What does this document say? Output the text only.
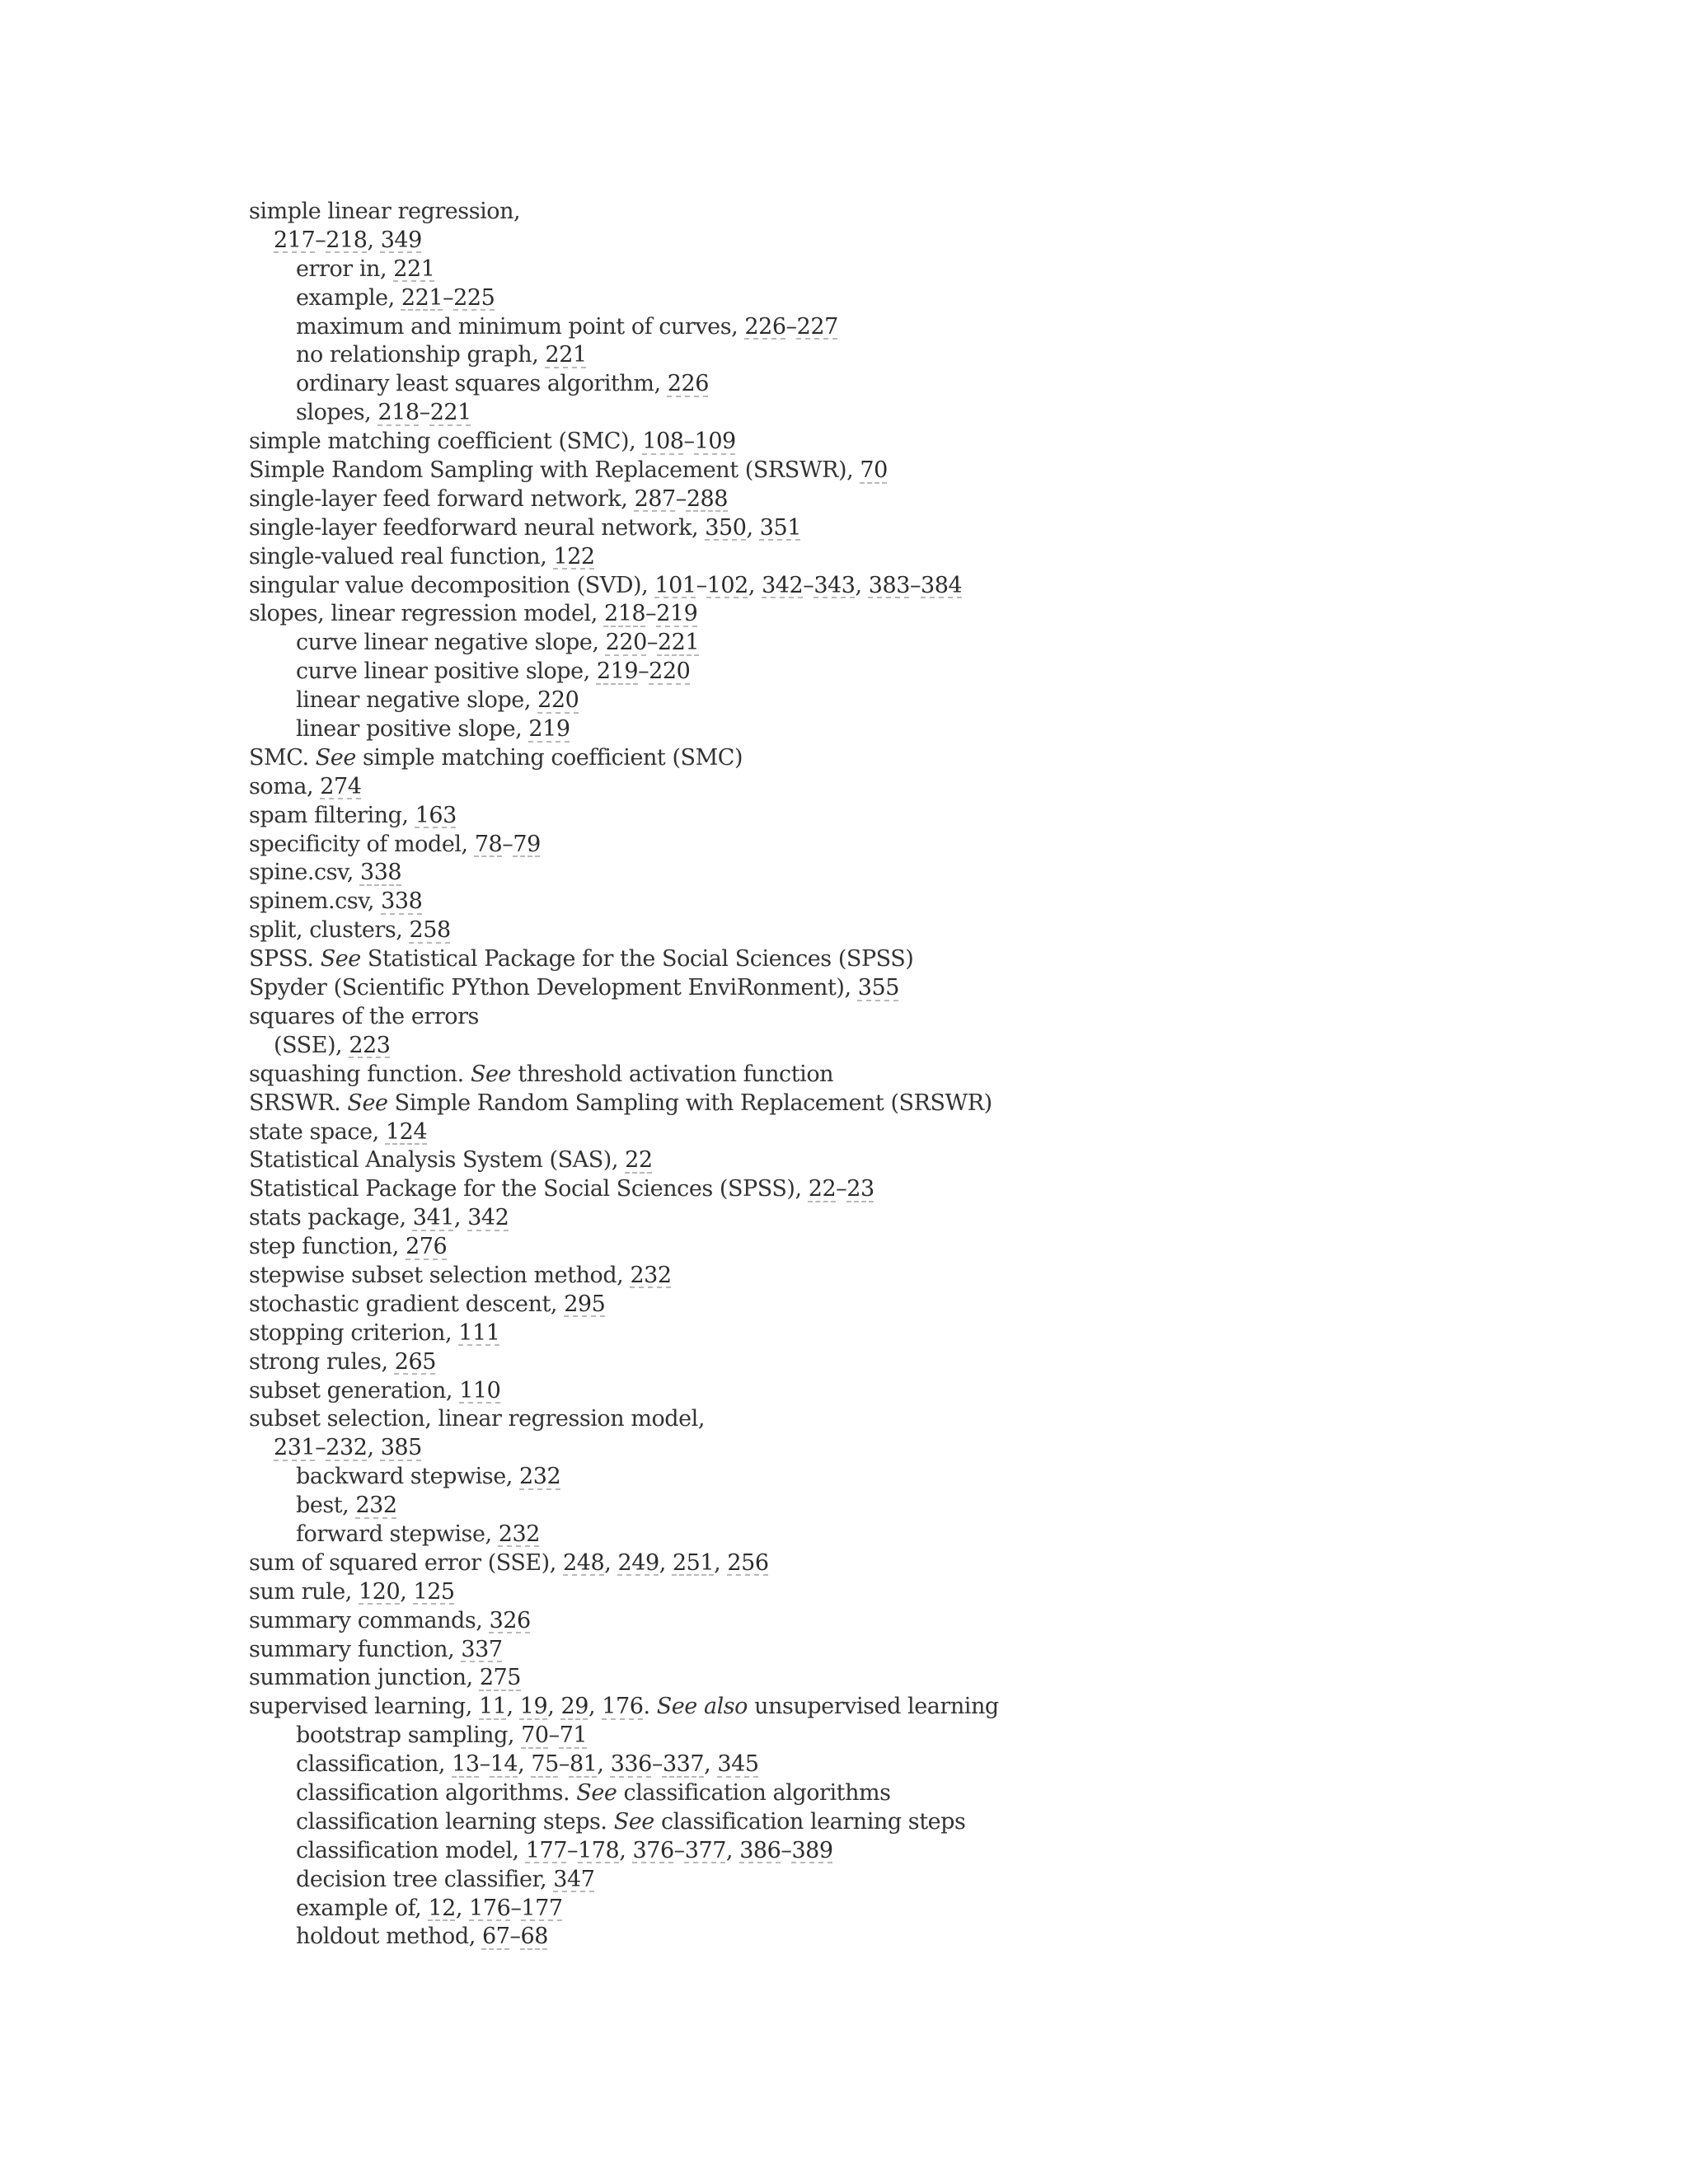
simple linear regression,
217–218, 349
error in, 221
example, 221–225
maximum and minimum point of curves, 226–227
no relationship graph, 221
ordinary least squares algorithm, 226
slopes, 218–221
simple matching coefficient (SMC), 108–109
Simple Random Sampling with Replacement (SRSWR), 70
single-layer feed forward network, 287–288
single-layer feedforward neural network, 350, 351
single-valued real function, 122
singular value decomposition (SVD), 101–102, 342–343, 383–384
slopes, linear regression model, 218–219
curve linear negative slope, 220–221
curve linear positive slope, 219–220
linear negative slope, 220
linear positive slope, 219
SMC. See simple matching coefficient (SMC)
soma, 274
spam filtering, 163
specificity of model, 78–79
spine.csv, 338
spinem.csv, 338
split, clusters, 258
SPSS. See Statistical Package for the Social Sciences (SPSS)
Spyder (Scientific PYthon Development EnviRonment), 355
squares of the errors
(SSE), 223
squashing function. See threshold activation function
SRSWR. See Simple Random Sampling with Replacement (SRSWR)
state space, 124
Statistical Analysis System (SAS), 22
Statistical Package for the Social Sciences (SPSS), 22–23
stats package, 341, 342
step function, 276
stepwise subset selection method, 232
stochastic gradient descent, 295
stopping criterion, 111
strong rules, 265
subset generation, 110
subset selection, linear regression model,
231–232, 385
backward stepwise, 232
best, 232
forward stepwise, 232
sum of squared error (SSE), 248, 249, 251, 256
sum rule, 120, 125
summary commands, 326
summary function, 337
summation junction, 275
supervised learning, 11, 19, 29, 176. See also unsupervised learning
bootstrap sampling, 70–71
classification, 13–14, 75–81, 336–337, 345
classification algorithms. See classification algorithms
classification learning steps. See classification learning steps
classification model, 177–178, 376–377, 386–389
decision tree classifier, 347
example of, 12, 176–177
holdout method, 67–68
